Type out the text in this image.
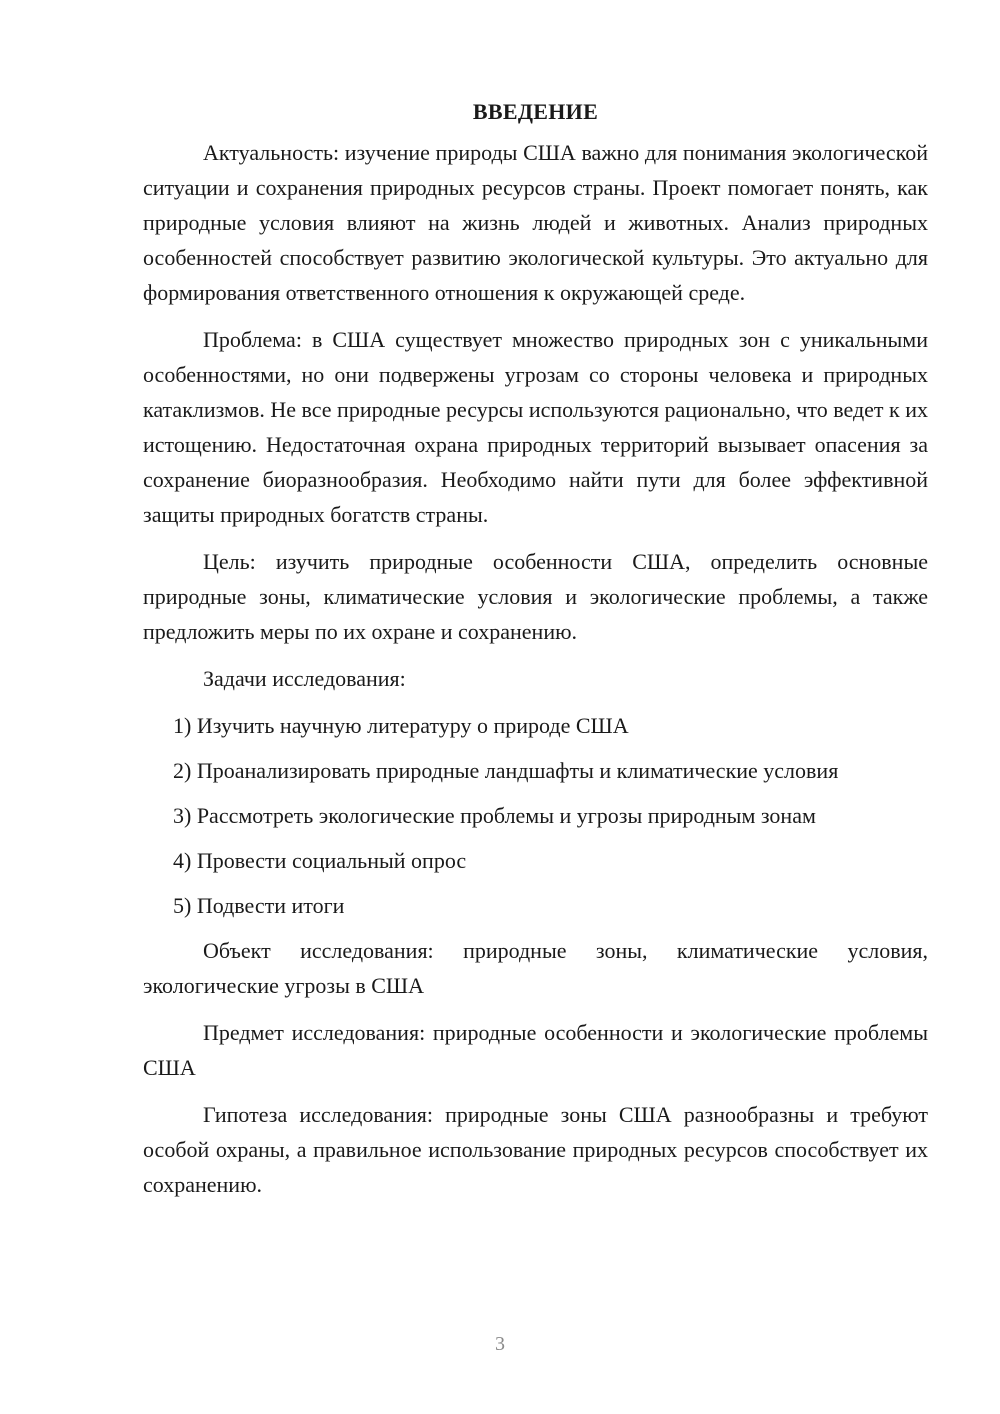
ВВЕДЕНИЕ

Актуальность: изучение природы США важно для понимания экологической ситуации и сохранения природных ресурсов страны. Проект помогает понять, как природные условия влияют на жизнь людей и животных. Анализ природных особенностей способствует развитию экологической культуры. Это актуально для формирования ответственного отношения к окружающей среде.

Проблема: в США существует множество природных зон с уникальными особенностями, но они подвержены угрозам со стороны человека и природных катаклизмов. Не все природные ресурсы используются рационально, что ведет к их истощению. Недостаточная охрана природных территорий вызывает опасения за сохранение биоразнообразия. Необходимо найти пути для более эффективной защиты природных богатств страны.

Цель: изучить природные особенности США, определить основные природные зоны, климатические условия и экологические проблемы, а также предложить меры по их охране и сохранению.

Задачи исследования:

1) Изучить научную литературу о природе США

2) Проанализировать природные ландшафты и климатические условия

3) Рассмотреть экологические проблемы и угрозы природным зонам

4) Провести социальный опрос

5) Подвести итоги

Объект исследования: природные зоны, климатические условия, экологические угрозы в США

Предмет исследования: природные особенности и экологические проблемы США

Гипотеза исследования: природные зоны США разнообразны и требуют особой охраны, а правильное использование природных ресурсов способствует их сохранению.

3
